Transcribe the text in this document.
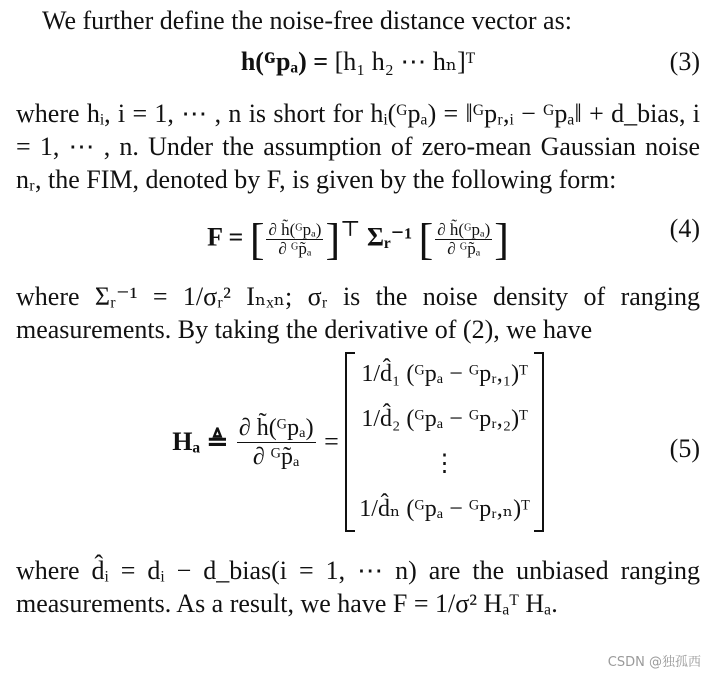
We further define the noise-free distance vector as:

h(ᴳpₐ) = [h₁ h₂ ⋯ hₙ]ᵀ	(3)

where hᵢ, i = 1, ⋯ , n is short for hᵢ(ᴳpₐ) = ‖ᴳpᵣ,ᵢ − ᴳpₐ‖ + d_bias, i = 1, ⋯ , n. Under the assumption of zero-mean Gaussian noise nᵣ, the FIM, denoted by F, is given by the following form:

F = [ $\frac{\text{∂ h̃(ᴳpₐ)}}{\text{∂ ᴳp̃ₐ}} ]^⊤$ Σᵣ⁻¹ [ $\frac{\text{∂ h̃(ᴳpₐ)}}{\text{∂ ᴳp̃ₐ}}$ ]	(4)

where Σᵣ⁻¹ = 1/σᵣ² Iₙₓₙ; σᵣ is the noise density of ranging measurements. By taking the derivative of (2), we have

Hₐ ≜ $\frac{\text{∂ h̃(ᴳpₐ)}}{\text{∂ ᴳp̃ₐ}}$ =
1/d̂₁ (ᴳpₐ − ᴳpᵣ,₁)ᵀ
1/d̂₂ (ᴳpₐ − ᴳpᵣ,₂)ᵀ
⋮
1/d̂ₙ (ᴳpₐ − ᴳpᵣ,ₙ)ᵀ
(5)

where d̂ᵢ = dᵢ − d_bias(i = 1, ⋯ n) are the unbiased ranging measurements. As a result, we have F = 1/σ² Hₐᵀ Hₐ.

CSDN @独孤西
